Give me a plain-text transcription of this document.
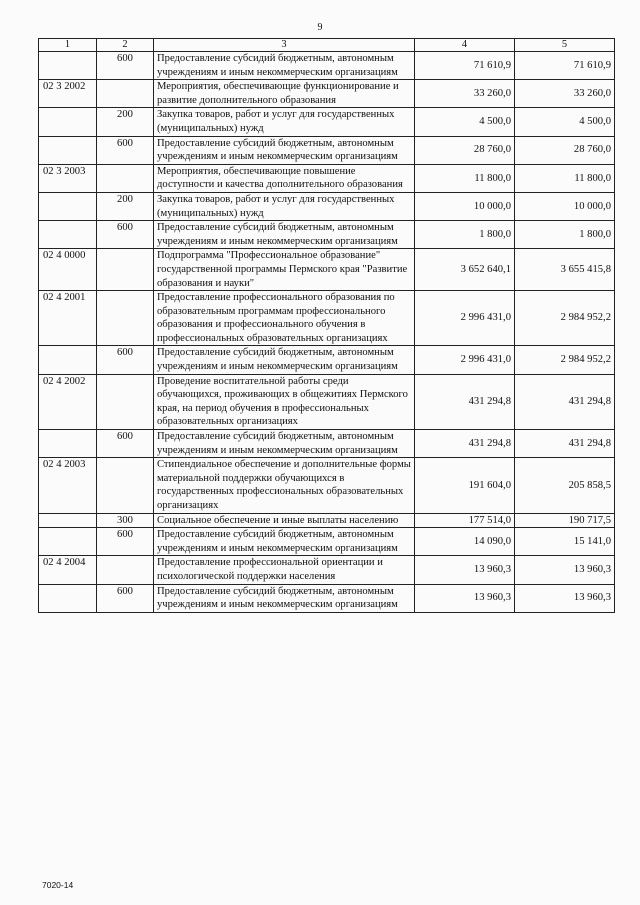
9
1	2	3	4	5
	600	Предоставление субсидий бюджетным, автономным учреждениям и иным некоммерческим организациям	71 610,9	71 610,9
02 3 2002		Мероприятия, обеспечивающие функционирование и развитие дополнительного образования	33 260,0	33 260,0
	200	Закупка товаров, работ и услуг для государственных (муниципальных) нужд	4 500,0	4 500,0
	600	Предоставление субсидий бюджетным, автономным учреждениям и иным некоммерческим организациям	28 760,0	28 760,0
02 3 2003		Мероприятия, обеспечивающие повышение доступности и качества дополнительного образования	11 800,0	11 800,0
	200	Закупка товаров, работ и услуг для государственных (муниципальных) нужд	10 000,0	10 000,0
	600	Предоставление субсидий бюджетным, автономным учреждениям и иным некоммерческим организациям	1 800,0	1 800,0
02 4 0000		Подпрограмма "Профессиональное образование" государственной программы Пермского края "Развитие образования и науки"	3 652 640,1	3 655 415,8
02 4 2001		Предоставление профессионального образования по образовательным программам профессионального образования и профессионального обучения в профессиональных образовательных организациях	2 996 431,0	2 984 952,2
	600	Предоставление субсидий бюджетным, автономным учреждениям и иным некоммерческим организациям	2 996 431,0	2 984 952,2
02 4 2002		Проведение воспитательной работы среди обучающихся, проживающих в общежитиях Пермского края, на период обучения в профессиональных образовательных организациях	431 294,8	431 294,8
	600	Предоставление субсидий бюджетным, автономным учреждениям и иным некоммерческим организациям	431 294,8	431 294,8
02 4 2003		Стипендиальное обеспечение и дополнительные формы материальной поддержки обучающихся в государственных профессиональных образовательных организациях	191 604,0	205 858,5
	300	Социальное обеспечение и иные выплаты населению	177 514,0	190 717,5
	600	Предоставление субсидий бюджетным, автономным учреждениям и иным некоммерческим организациям	14 090,0	15 141,0
02 4 2004		Предоставление профессиональной ориентации и психологической поддержки населения	13 960,3	13 960,3
	600	Предоставление субсидий бюджетным, автономным учреждениям и иным некоммерческим организациям	13 960,3	13 960,3
7020-14
